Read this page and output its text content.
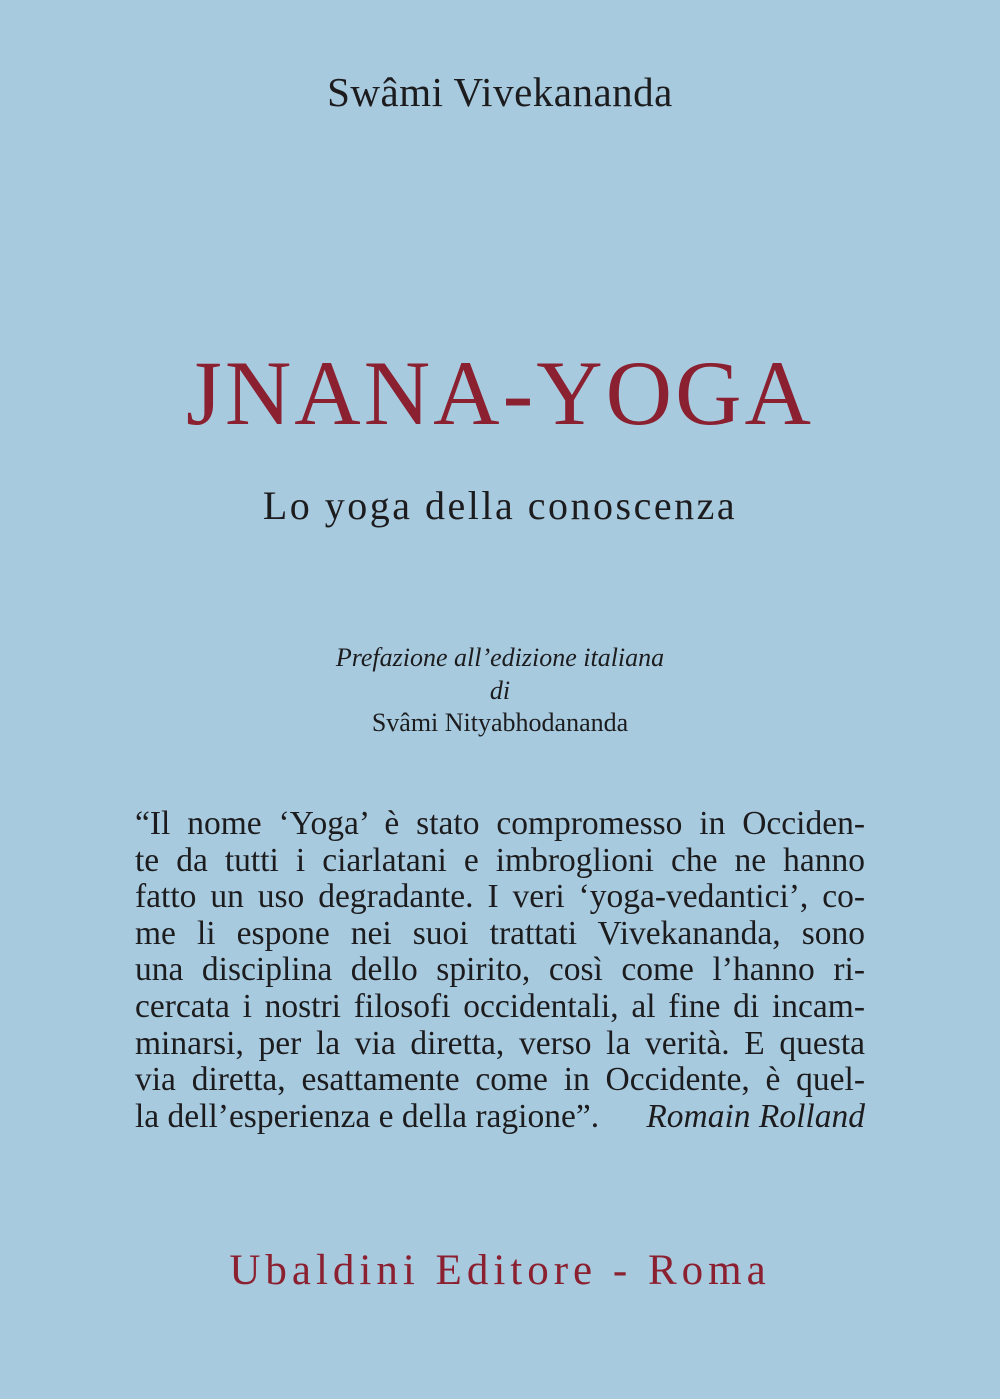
Swâmi Vivekananda
JNANA-YOGA
Lo yoga della conoscenza
Prefazione all’edizione italiana
di
Svâmi Nityabhodananda
“Il nome ‘Yoga’ è stato compromesso in Occiden-
te da tutti i ciarlatani e imbroglioni che ne hanno
fatto un uso degradante. I veri ‘yoga-vedantici’, co-
me li espone nei suoi trattati Vivekananda, sono
una disciplina dello spirito, così come l’hanno ri-
cercata i nostri filosofi occidentali, al fine di incam-
minarsi, per la via diretta, verso la verità. E questa
via diretta, esattamente come in Occidente, è quel-
la dell’esperienza e della ragione”. Romain Rolland
Ubaldini Editore - Roma
